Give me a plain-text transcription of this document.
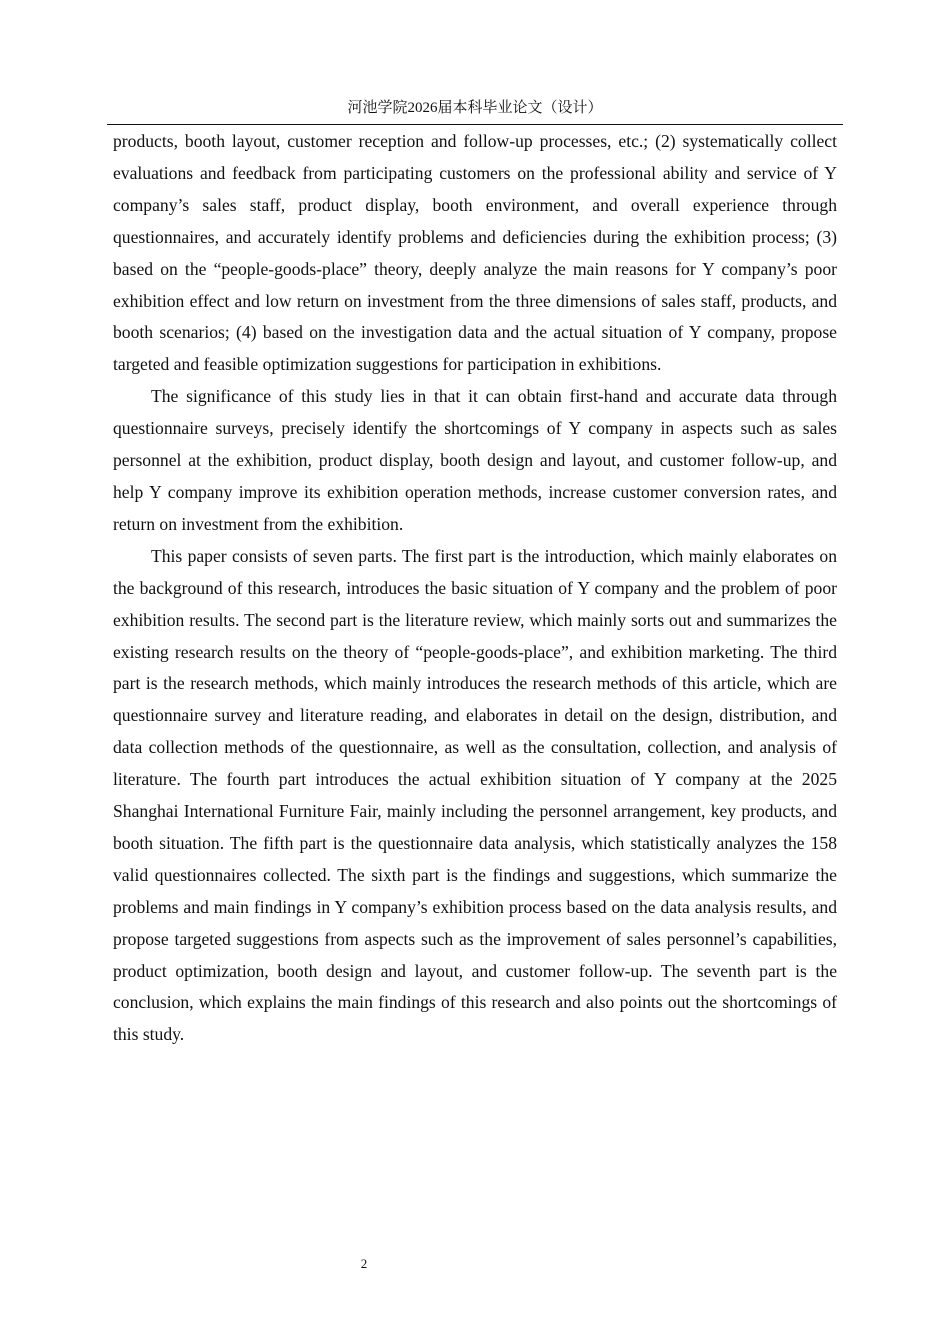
河池学院2026届本科毕业论文（设计）

products, booth layout, customer reception and follow-up processes, etc.; (2) systematically collect evaluations and feedback from participating customers on the professional ability and service of Y company’s sales staff, product display, booth environment, and overall experience through questionnaires, and accurately identify problems and deficiencies during the exhibition process; (3) based on the “people-goods-place” theory, deeply analyze the main reasons for Y company’s poor exhibition effect and low return on investment from the three dimensions of sales staff, products, and booth scenarios; (4) based on the investigation data and the actual situation of Y company, propose targeted and feasible optimization suggestions for participation in exhibitions.

The significance of this study lies in that it can obtain first-hand and accurate data through questionnaire surveys, precisely identify the shortcomings of Y company in aspects such as sales personnel at the exhibition, product display, booth design and layout, and customer follow-up, and help Y company improve its exhibition operation methods, increase customer conversion rates, and return on investment from the exhibition.

This paper consists of seven parts. The first part is the introduction, which mainly elaborates on the background of this research, introduces the basic situation of Y company and the problem of poor exhibition results. The second part is the literature review, which mainly sorts out and summarizes the existing research results on the theory of “people-goods-place”, and exhibition marketing. The third part is the research methods, which mainly introduces the research methods of this article, which are questionnaire survey and literature reading, and elaborates in detail on the design, distribution, and data collection methods of the questionnaire, as well as the consultation, collection, and analysis of literature. The fourth part introduces the actual exhibition situation of Y company at the 2025 Shanghai International Furniture Fair, mainly including the personnel arrangement, key products, and booth situation. The fifth part is the questionnaire data analysis, which statistically analyzes the 158 valid questionnaires collected. The sixth part is the findings and suggestions, which summarize the problems and main findings in Y company’s exhibition process based on the data analysis results, and propose targeted suggestions from aspects such as the improvement of sales personnel’s capabilities, product optimization, booth design and layout, and customer follow-up. The seventh part is the conclusion, which explains the main findings of this research and also points out the shortcomings of this study.

2
